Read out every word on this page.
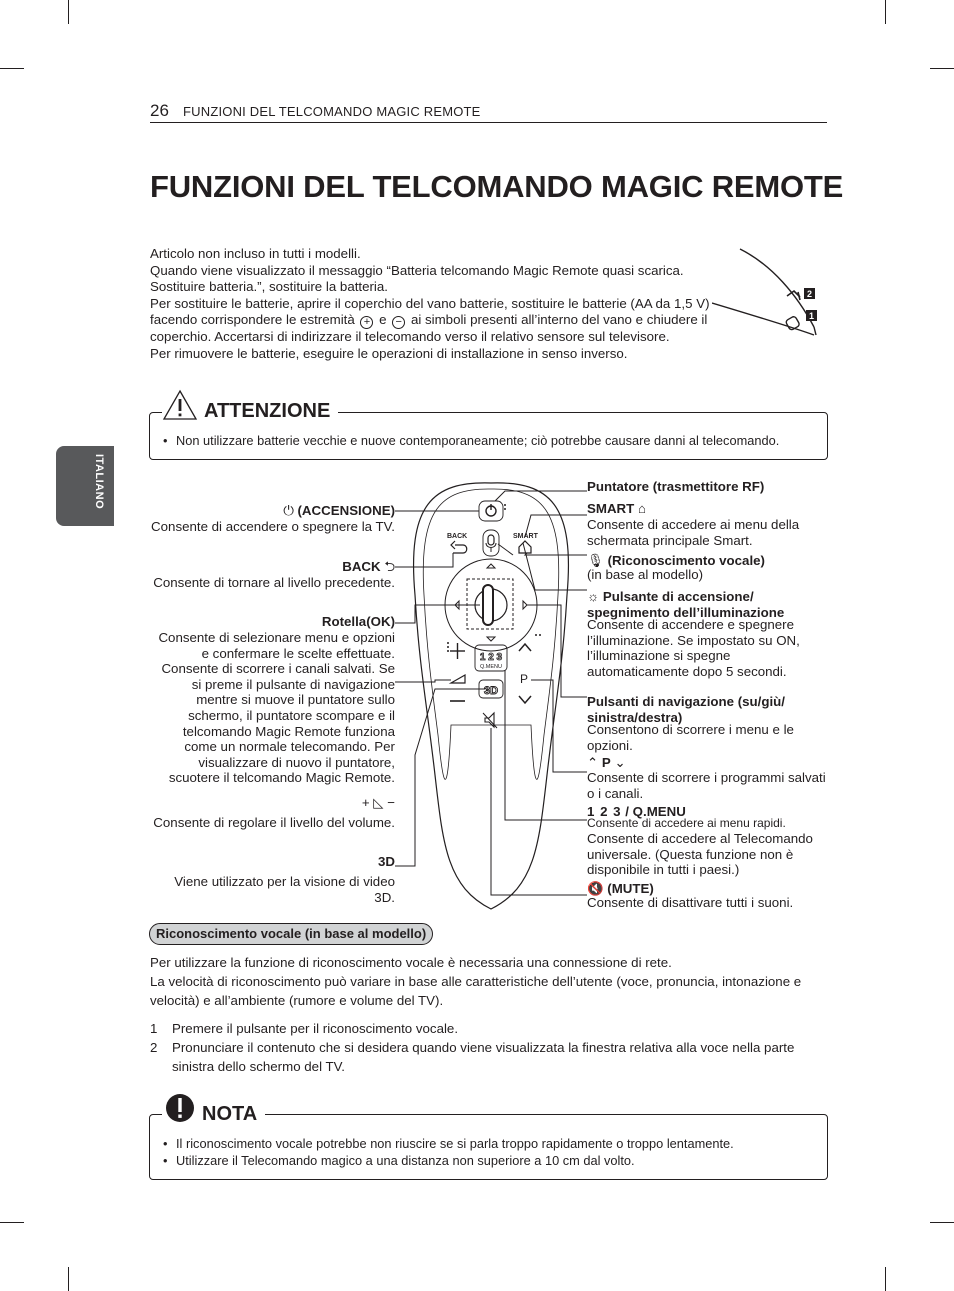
26 FUNZIONI DEL TELCOMANDO MAGIC REMOTE
FUNZIONI DEL TELCOMANDO MAGIC REMOTE
ITALIANO

Articolo non incluso in tutti i modelli.

Quando viene visualizzato il messaggio “Batteria telcomando Magic Remote quasi scarica. Sostituire batteria.”, sostituire la batteria.

Per sostituire le batterie, aprire il coperchio del vano batterie, sostituire le batterie (AA da 1,5 V) facendo corrispondere le estremità + e − ai simboli presenti all’interno del vano e chiudere il coperchio. Accertarsi di indirizzare il telecomando verso il relativo sensore sul televisore.

Per rimuovere le batterie, eseguire le operazioni di installazione in senso inverso.

2
1
ATTENZIONE
• Non utilizzare batterie vecchie e nuove contemporaneamente; ciò potrebbe causare danni al telecomando.
BACK	SMART
1 2 3
Q.MENU
3D
P
⏻ (ACCENSIONE)
Consente di accendere o spegnere la TV.
BACK ⮌
Consente di tornare al livello precedente.
Rotella(OK)
Consente di selezionare menu e opzioni e confermare le scelte effettuate. Consente di scorrere i canali salvati. Se si preme il pulsante di navigazione mentre si muove il puntatore sullo schermo, il puntatore scompare e il telcomando Magic Remote funziona come un normale telecomando. Per visualizzare di nuovo il puntatore, scuotere il telcomando Magic Remote.
+ ◺ −
Consente di regolare il livello del volume.
3D
Viene utilizzato per la visione di video 3D.
Puntatore (trasmettitore RF)
SMART ⌂
Consente di accedere ai menu della schermata principale Smart.
🎙 (Riconoscimento vocale)
(in base al modello)
☼ Pulsante di accensione/ spegnimento dell’illuminazione
Consente di accendere e spegnere l’illuminazione. Se impostato su ON, l’illuminazione si spegne automaticamente dopo 5 secondi.
Pulsanti di navigazione (su/giù/ sinistra/destra)
Consentono di scorrere i menu e le opzioni.
⌃ P ⌄
Consente di scorrere i programmi salvati o i canali.
1 2 3 / Q.MENU
Consente di accedere ai menu rapidi.
Consente di accedere al Telecomando universale. (Questa funzione non è disponibile in tutti i paesi.)
🔇 (MUTE)
Consente di disattivare tutti i suoni.
Riconoscimento vocale (in base al modello)

Per utilizzare la funzione di riconoscimento vocale è necessaria una connessione di rete.

La velocità di riconoscimento può variare in base alle caratteristiche dell’utente (voce, pronuncia, intonazione e velocità) e all’ambiente (rumore e volume del TV).

1 Premere il pulsante per il riconoscimento vocale.
2 Pronunciare il contenuto che si desidera quando viene visualizzata la finestra relativa alla voce nella parte sinistra dello schermo del TV.
NOTA
• Il riconoscimento vocale potrebbe non riuscire se si parla troppo rapidamente o troppo lentamente.
• Utilizzare il Telecomando magico a una distanza non superiore a 10 cm dal volto.
